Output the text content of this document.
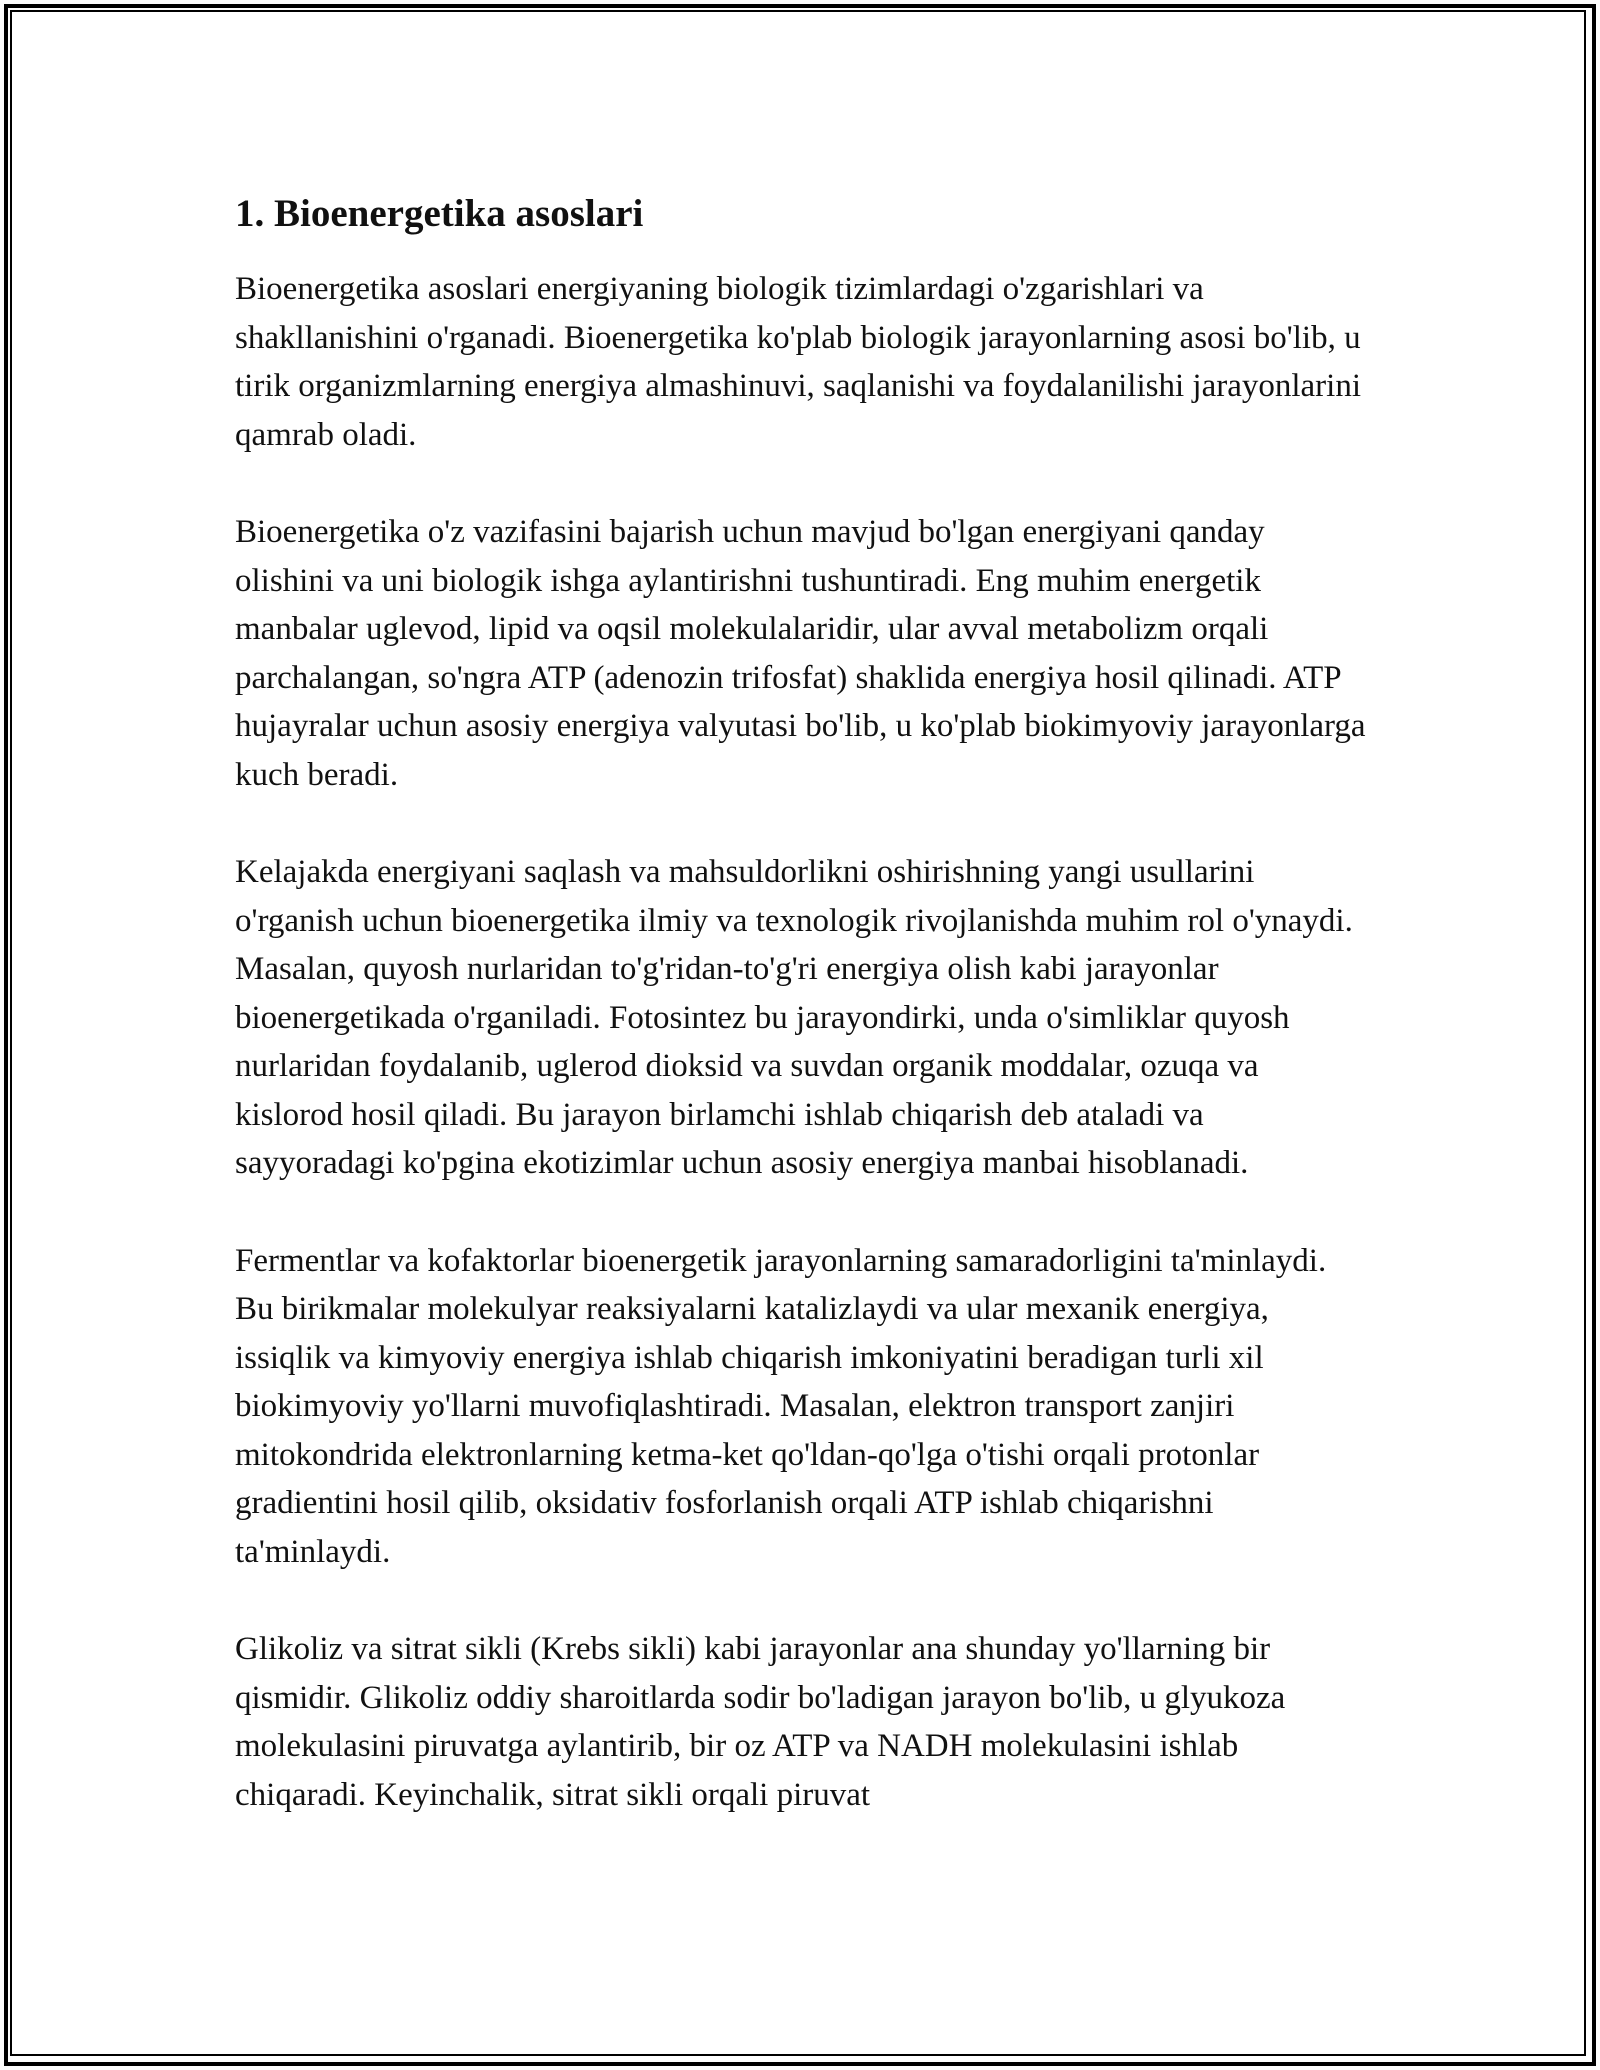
1. Bioenergetika asoslari

Bioenergetika asoslari energiyaning biologik tizimlardagi o'zgarishlari va shakllanishini o'rganadi. Bioenergetika ko'plab biologik jarayonlarning asosi bo'lib, u tirik organizmlarning energiya almashinuvi, saqlanishi va foydalanilishi jarayonlarini qamrab oladi.

Bioenergetika o'z vazifasini bajarish uchun mavjud bo'lgan energiyani qanday olishini va uni biologik ishga aylantirishni tushuntiradi. Eng muhim energetik manbalar uglevod, lipid va oqsil molekulalaridir, ular avval metabolizm orqali parchalangan, so'ngra ATP (adenozin trifosfat) shaklida energiya hosil qilinadi. ATP hujayralar uchun asosiy energiya valyutasi bo'lib, u ko'plab biokimyoviy jarayonlarga kuch beradi.

Kelajakda energiyani saqlash va mahsuldorlikni oshirishning yangi usullarini o'rganish uchun bioenergetika ilmiy va texnologik rivojlanishda muhim rol o'ynaydi. Masalan, quyosh nurlaridan to'g'ridan-to'g'ri energiya olish kabi jarayonlar bioenergetikada o'rganiladi. Fotosintez bu jarayondirki, unda o'simliklar quyosh nurlaridan foydalanib, uglerod dioksid va suvdan organik moddalar, ozuqa va kislorod hosil qiladi. Bu jarayon birlamchi ishlab chiqarish deb ataladi va sayyoradagi ko'pgina ekotizimlar uchun asosiy energiya manbai hisoblanadi.

Fermentlar va kofaktorlar bioenergetik jarayonlarning samaradorligini ta'minlaydi. Bu birikmalar molekulyar reaksiyalarni katalizlaydi va ular mexanik energiya, issiqlik va kimyoviy energiya ishlab chiqarish imkoniyatini beradigan turli xil biokimyoviy yo'llarni muvofiqlashtiradi. Masalan, elektron transport zanjiri mitokondrida elektronlarning ketma-ket qo'ldan-qo'lga o'tishi orqali protonlar gradientini hosil qilib, oksidativ fosforlanish orqali ATP ishlab chiqarishni ta'minlaydi.

Glikoliz va sitrat sikli (Krebs sikli) kabi jarayonlar ana shunday yo'llarning bir qismidir. Glikoliz oddiy sharoitlarda sodir bo'ladigan jarayon bo'lib, u glyukoza molekulasini piruvatga aylantirib, bir oz ATP va NADH molekulasini ishlab chiqaradi. Keyinchalik, sitrat sikli orqali piruvat
